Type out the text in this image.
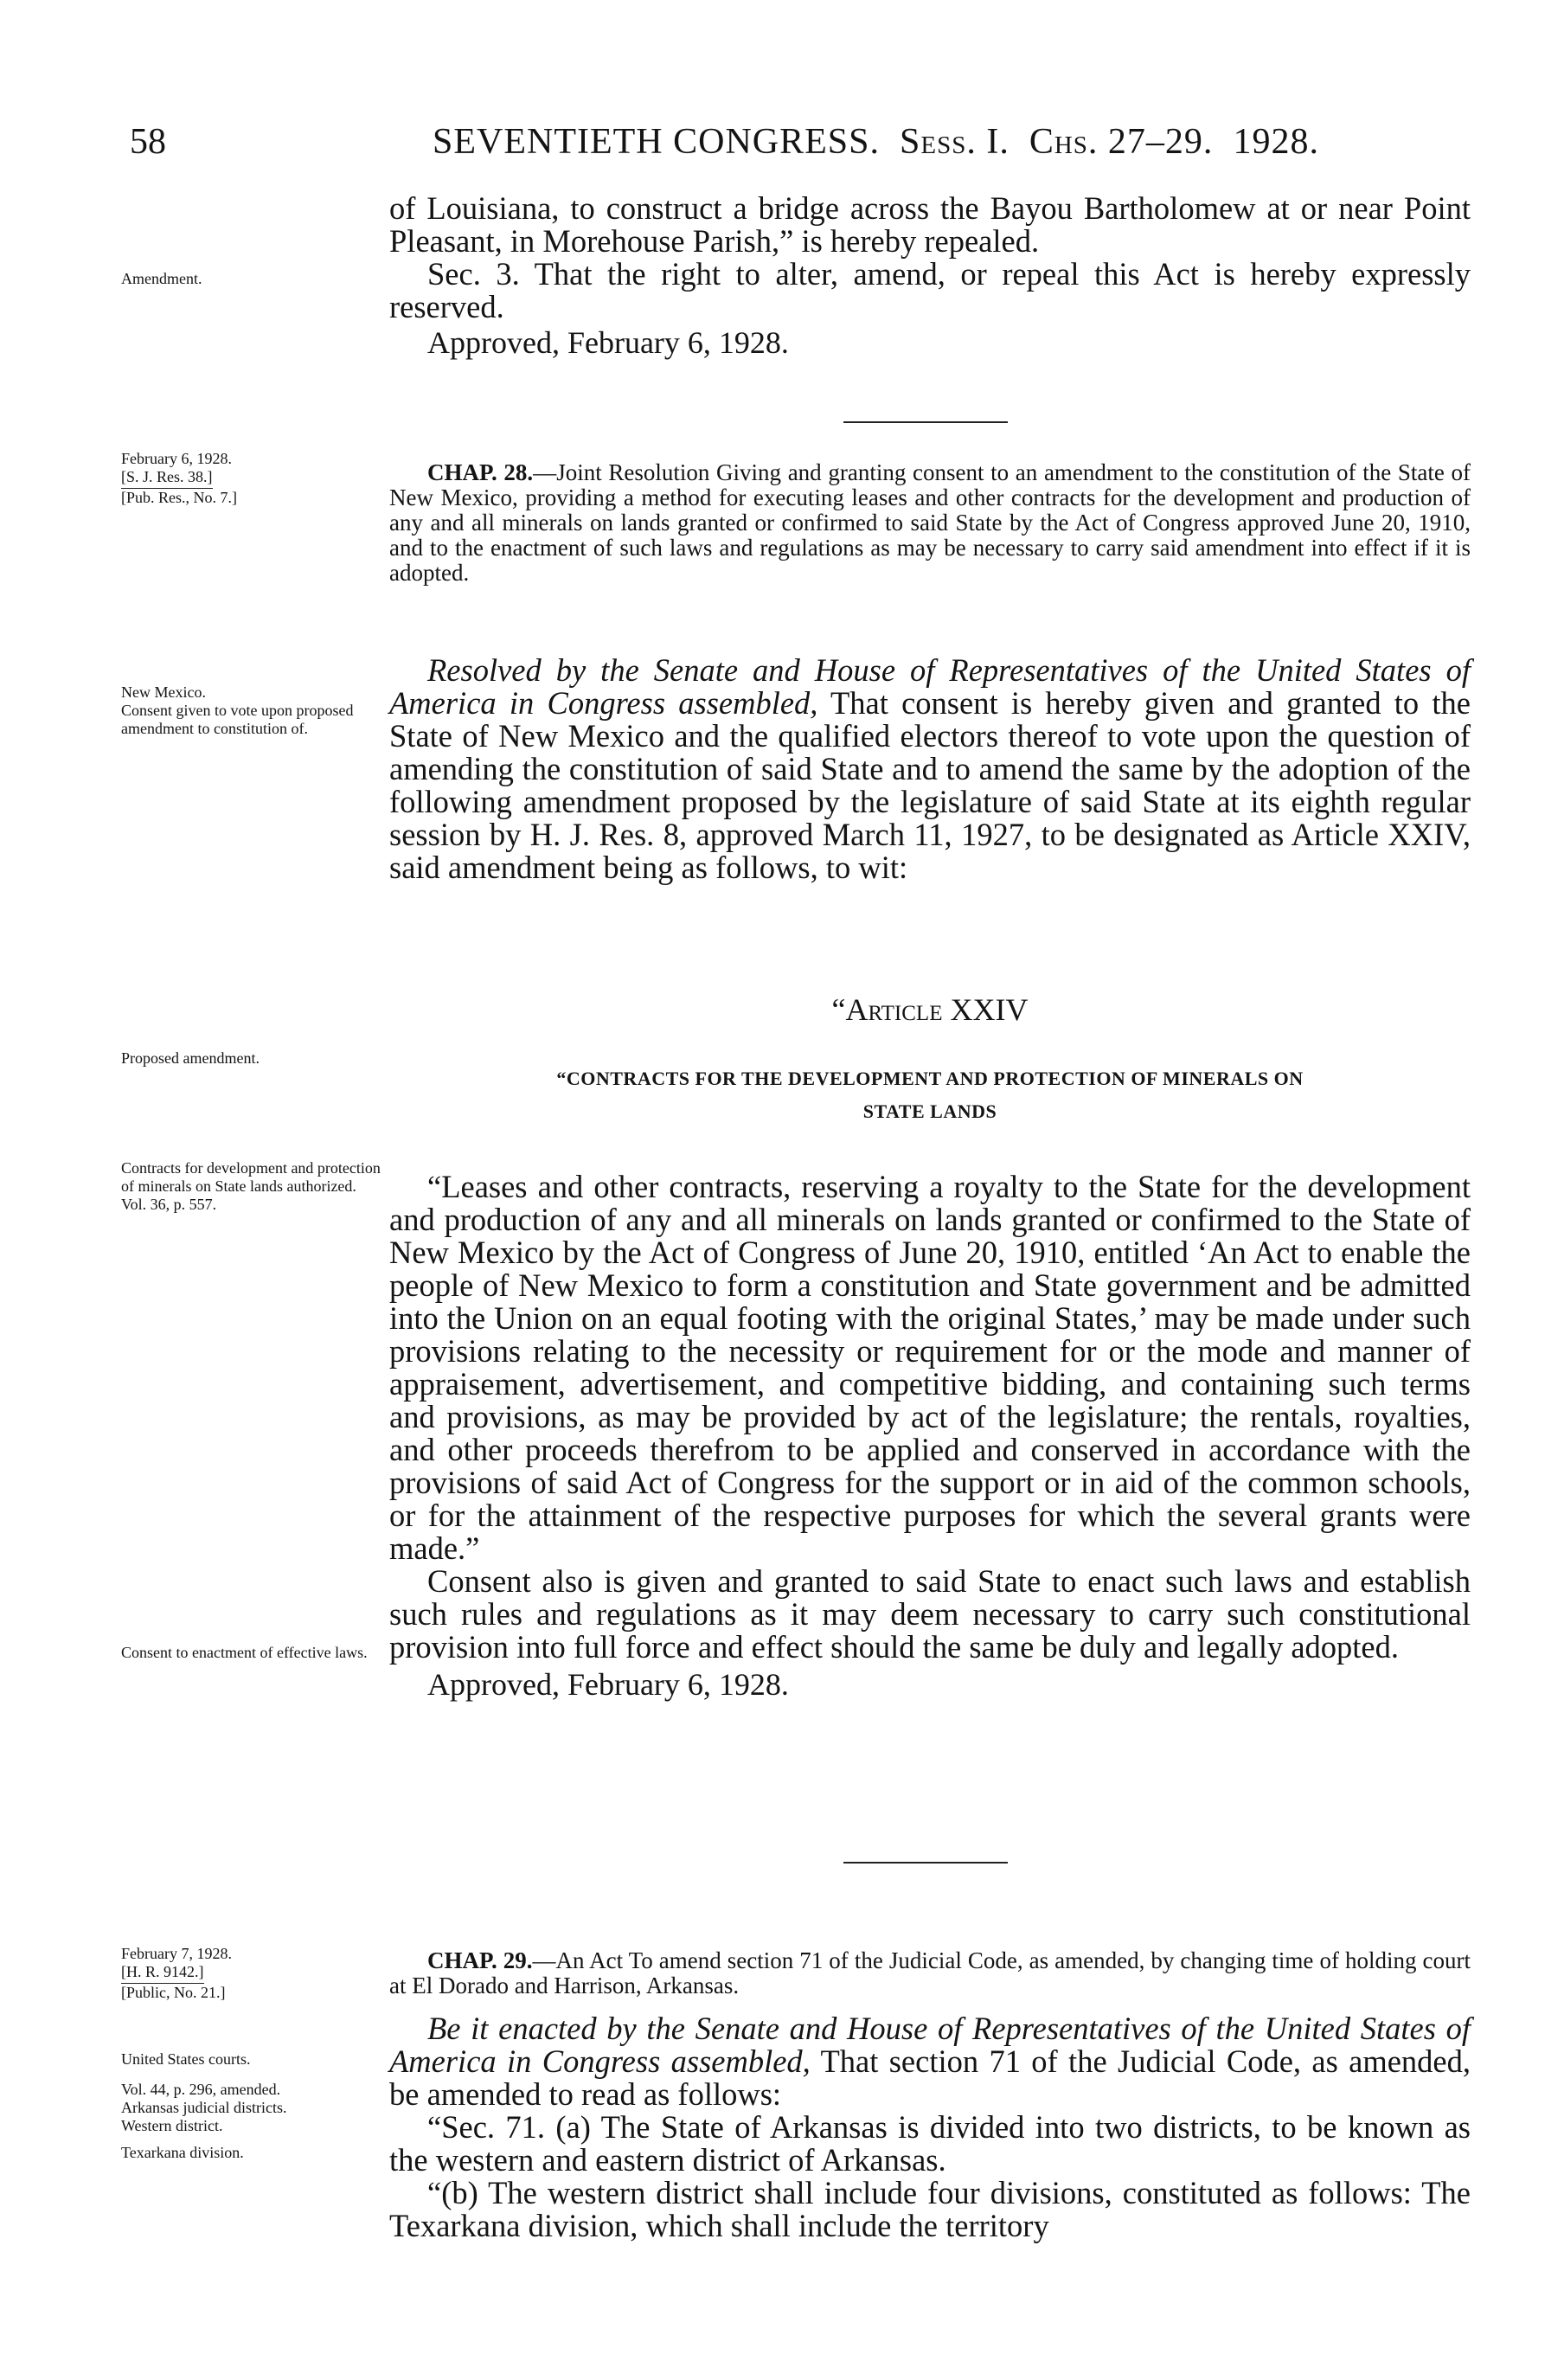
58	SEVENTIETH CONGRESS. Sess. I. Chs. 27–29. 1928.

of Louisiana, to construct a bridge across the Bayou Bartholomew at or near Point Pleasant, in Morehouse Parish,” is hereby repealed.

Sec. 3. That the right to alter, amend, or repeal this Act is hereby expressly reserved.

Approved, February 6, 1928.
Amendment.
February 6, 1928.
[S. J. Res. 38.]
[Pub. Res., No. 7.]

CHAP. 28.—Joint Resolution Giving and granting consent to an amendment to the constitution of the State of New Mexico, providing a method for executing leases and other contracts for the development and production of any and all minerals on lands granted or confirmed to said State by the Act of Congress approved June 20, 1910, and to the enactment of such laws and regulations as may be necessary to carry said amendment into effect if it is adopted.

New Mexico.
Consent given to vote upon proposed amendment to constitution of.

Resolved by the Senate and House of Representatives of the United States of America in Congress assembled, That consent is hereby given and granted to the State of New Mexico and the qualified electors thereof to vote upon the question of amending the constitution of said State and to amend the same by the adoption of the following amendment proposed by the legislature of said State at its eighth regular session by H. J. Res. 8, approved March 11, 1927, to be designated as Article XXIV, said amendment being as follows, to wit:

“Article XXIV
Proposed amendment.
“CONTRACTS FOR THE DEVELOPMENT AND PROTECTION OF MINERALS ON
STATE LANDS
Contracts for development and protection of minerals on State lands authorized.
Vol. 36, p. 557.	“Leases and other contracts, reserving a royalty to the State for the development and production of any and all minerals on lands granted or confirmed to the State of New Mexico by the Act of Congress of June 20, 1910, entitled ‘An Act to enable the people of New Mexico to form a constitution and State government and be admitted into the Union on an equal footing with the original States,’ may be made under such provisions relating to the necessity or requirement for or the mode and manner of appraisement, advertisement, and competitive bidding, and containing such terms and provisions, as may be provided by act of the legislature; the rentals, royalties, and other proceeds therefrom to be applied and conserved in accordance with the provisions of said Act of Congress for the support or in aid of the common schools, or for the attainment of the respective purposes for which the several grants were made.”

Consent also is given and granted to said State to enact such laws and establish such rules and regulations as it may deem necessary to carry such constitutional provision into full force and effect should the same be duly and legally adopted.

Approved, February 6, 1928.
Consent to enactment of effective laws.
February 7, 1928.
[H. R. 9142.]
[Public, No. 21.]

CHAP. 29.—An Act To amend section 71 of the Judicial Code, as amended, by changing time of holding court at El Dorado and Harrison, Arkansas.

United States courts.
Vol. 44, p. 296, amended.
Arkansas judicial districts.
Western district.
Texarkana division.

Be it enacted by the Senate and House of Representatives of the United States of America in Congress assembled, That section 71 of the Judicial Code, as amended, be amended to read as follows:

“Sec. 71. (a) The State of Arkansas is divided into two districts, to be known as the western and eastern district of Arkansas.

“(b) The western district shall include four divisions, constituted as follows: The Texarkana division, which shall include the territory
